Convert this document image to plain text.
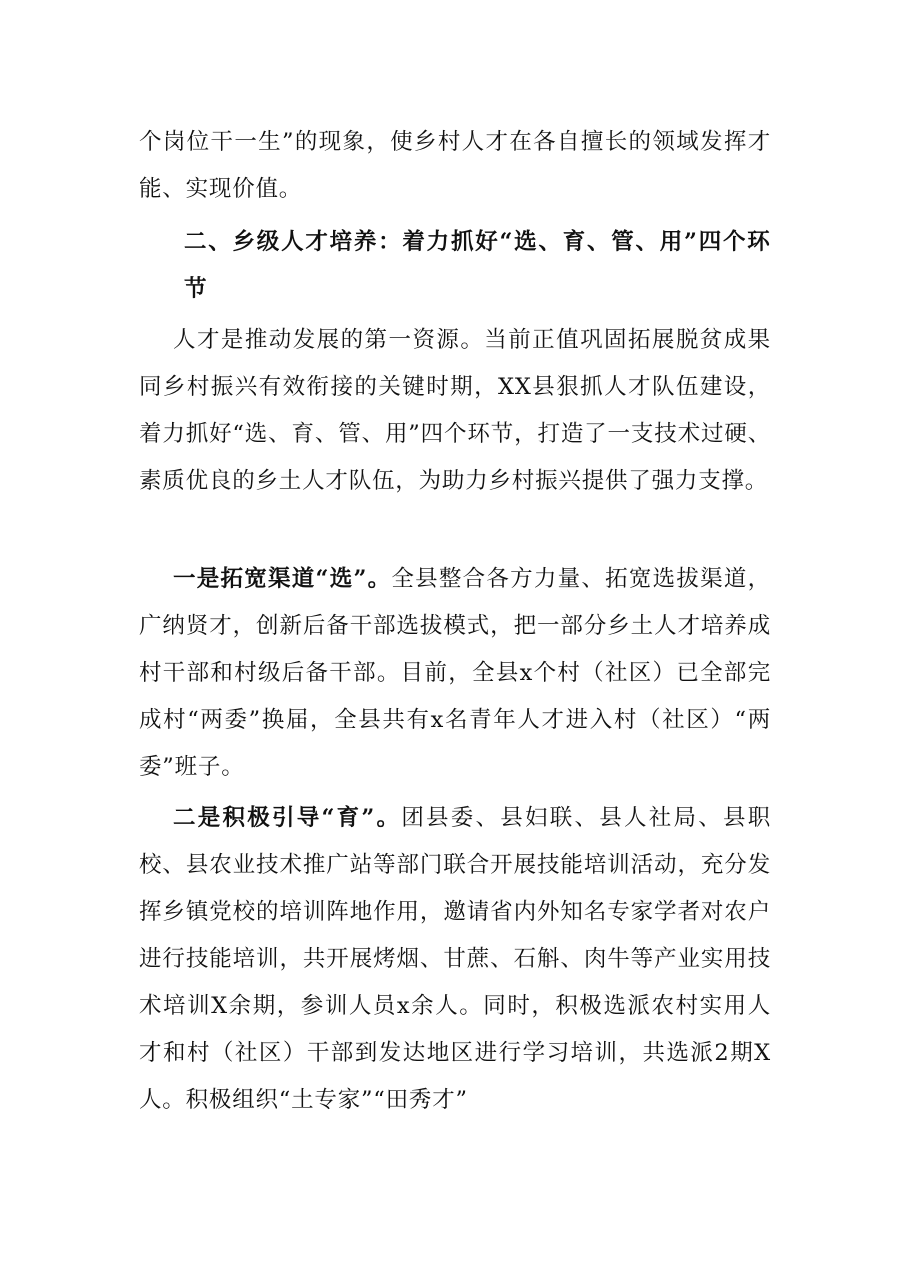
个岗位干一生”的现象，使乡村人才在各自擅长的领域发挥才能、实现价值。
二、乡级人才培养：着力抓好“选、育、管、用”四个环节
人才是推动发展的第一资源。当前正值巩固拓展脱贫成果同乡村振兴有效衔接的关键时期，XX县狠抓人才队伍建设，着力抓好“选、育、管、用”四个环节，打造了一支技术过硬、素质优良的乡土人才队伍，为助力乡村振兴提供了强力支撑。
一是拓宽渠道“选”。全县整合各方力量、拓宽选拔渠道，广纳贤才，创新后备干部选拔模式，把一部分乡土人才培养成村干部和村级后备干部。目前，全县x个村（社区）已全部完成村“两委”换届，全县共有x名青年人才进入村（社区）“两委”班子。
二是积极引导“育”。团县委、县妇联、县人社局、县职校、县农业技术推广站等部门联合开展技能培训活动，充分发挥乡镇党校的培训阵地作用，邀请省内外知名专家学者对农户进行技能培训，共开展烤烟、甘蔗、石斛、肉牛等产业实用技术培训X余期，参训人员x余人。同时，积极选派农村实用人才和村（社区）干部到发达地区进行学习培训，共选派2期X人。积极组织“土专家”“田秀才”
